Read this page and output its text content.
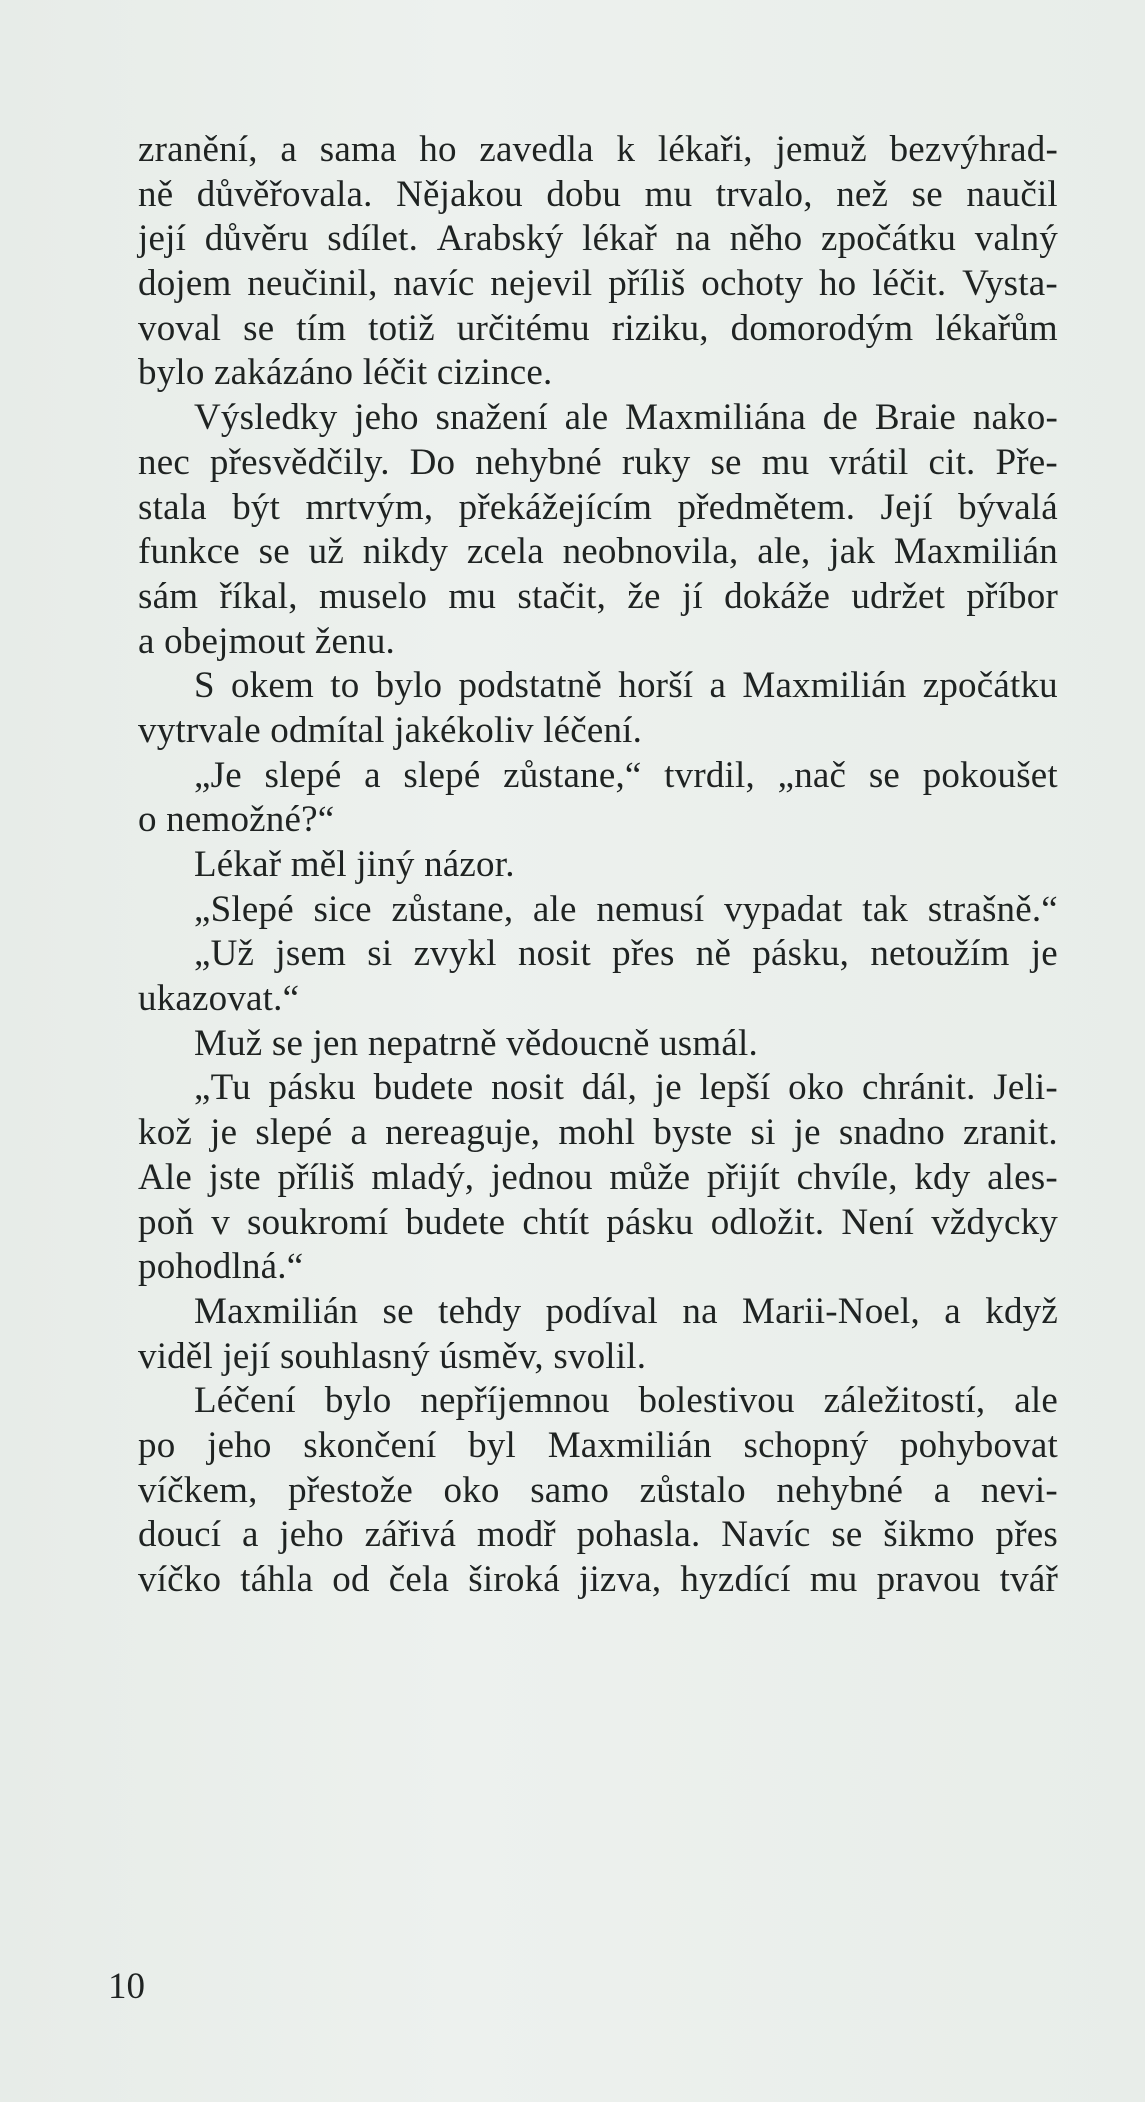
zranění, a sama ho zavedla k lékaři, jemuž bezvýhrad-
ně důvěřovala. Nějakou dobu mu trvalo, než se naučil
její důvěru sdílet. Arabský lékař na něho zpočátku valný
dojem neučinil, navíc nejevil příliš ochoty ho léčit. Vysta-
voval se tím totiž určitému riziku, domorodým lékařům
bylo zakázáno léčit cizince.
Výsledky jeho snažení ale Maxmiliána de Braie nako-
nec přesvědčily. Do nehybné ruky se mu vrátil cit. Pře-
stala být mrtvým, překážejícím předmětem. Její bývalá
funkce se už nikdy zcela neobnovila, ale, jak Maxmilián
sám říkal, muselo mu stačit, že jí dokáže udržet příbor
a obejmout ženu.
S okem to bylo podstatně horší a Maxmilián zpočátku
vytrvale odmítal jakékoliv léčení.
„Je slepé a slepé zůstane,“ tvrdil, „nač se pokoušet
o nemožné?“
Lékař měl jiný názor.
„Slepé sice zůstane, ale nemusí vypadat tak strašně.“
„Už jsem si zvykl nosit přes ně pásku, netoužím je
ukazovat.“
Muž se jen nepatrně vědoucně usmál.
„Tu pásku budete nosit dál, je lepší oko chránit. Jeli-
kož je slepé a nereaguje, mohl byste si je snadno zranit.
Ale jste příliš mladý, jednou může přijít chvíle, kdy ales-
poň v soukromí budete chtít pásku odložit. Není vždycky
pohodlná.“
Maxmilián se tehdy podíval na Marii-Noel, a když
viděl její souhlasný úsměv, svolil.
Léčení bylo nepříjemnou bolestivou záležitostí, ale
po jeho skončení byl Maxmilián schopný pohybovat
víčkem, přestože oko samo zůstalo nehybné a nevi-
doucí a jeho zářivá modř pohasla. Navíc se šikmo přes
víčko táhla od čela široká jizva, hyzdící mu pravou tvář
10
